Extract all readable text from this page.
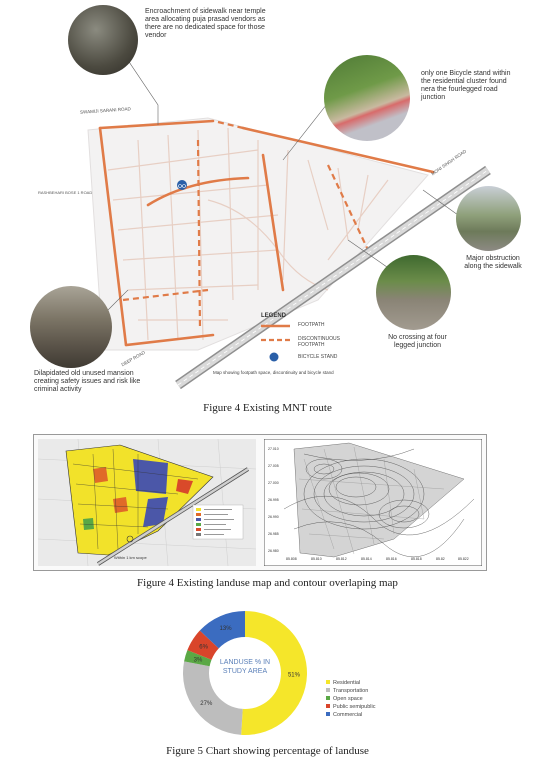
SWAMIJI SARANI ROAD
MONI SINGH ROAD
DEEP ROAD
RASHBEHARI BOSE 1 ROAD
LEGEND
FOOTPATH
DISCONTINUOUS FOOTPATH
BICYCLE STAND
Map showing footpath space, discontinuity and bicycle stand
Encroachment of sidewalk near temple area allocating puja prasad vendors as there are no dedicated space for those vendor
only one Bicycle stand within the residential cluster found nera the fourlegged road junction
Major obstruction along the sidewalk
No crossing at four legged junction
Dilapidated old unused mansion creating safety issues and risk like criminal activity
Figure 4 Existing MNT route
Within 1 km scope
27.010
27.005
27.000
26.995
26.990
26.985
26.980
85.808	85.810	85.812	85.814	85.816	85.818	85.82	85.822
Figure 4 Existing landuse map and contour overlaping map
51%
27%
3%
6%
13%
LANDUSE % IN STUDY AREA
Residential
Transportation
Open space
Public semipublic
Commercial
Figure 5 Chart showing percentage of landuse
